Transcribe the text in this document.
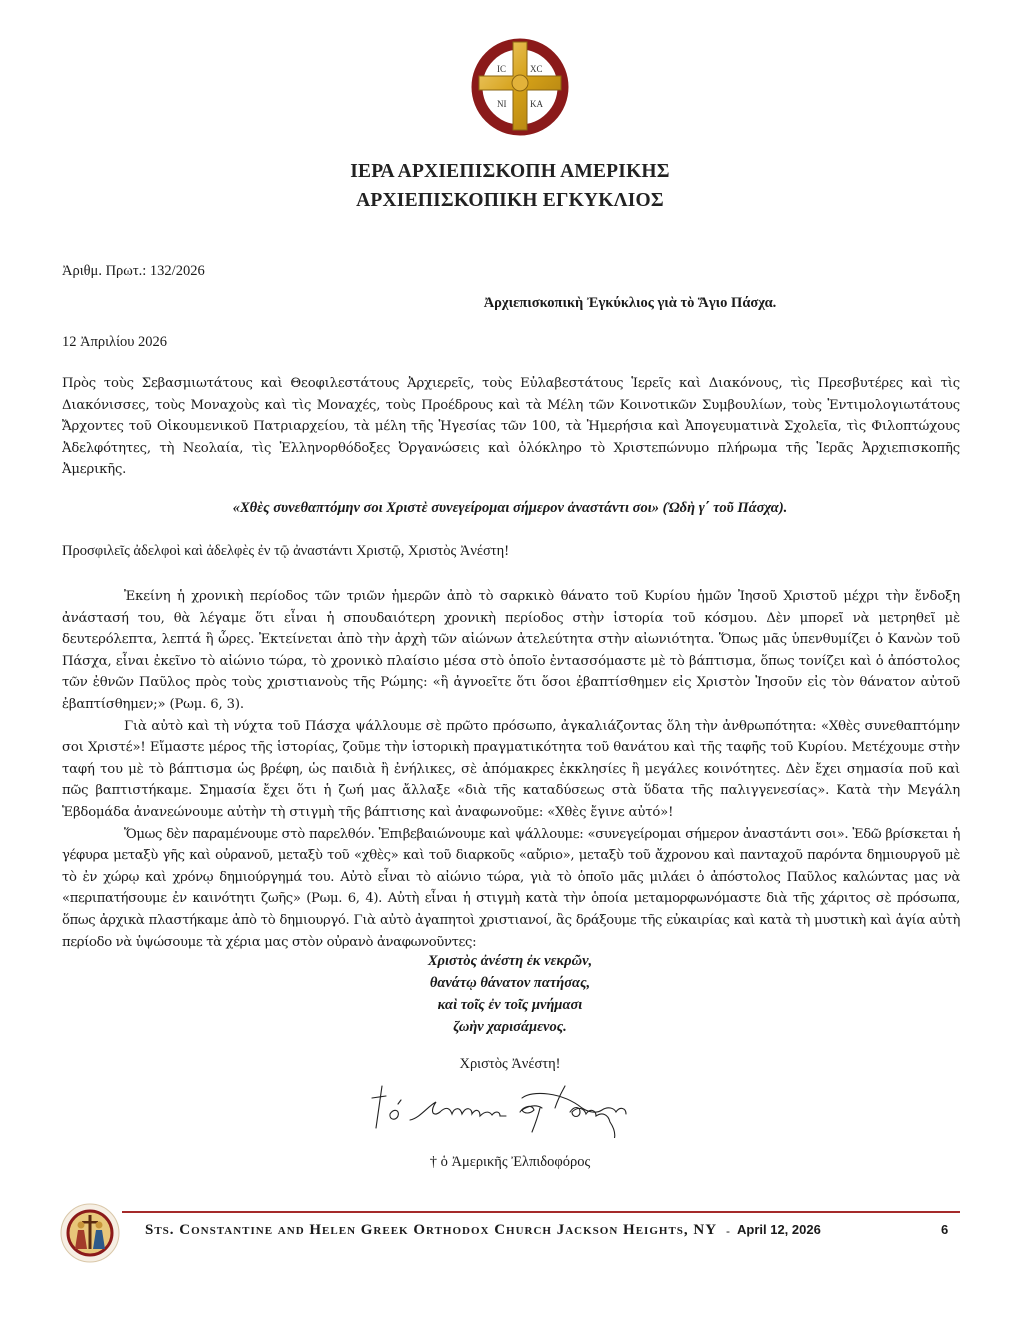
IC	XC
NI	KA
ΙΕΡΑ ΑΡΧΙΕΠΙΣΚΟΠΗ ΑΜΕΡΙΚΗΣ
ΑΡΧΙΕΠΙΣΚΟΠΙΚΗ ΕΓΚΥΚΛΙΟΣ
Ἀριθμ. Πρωτ.: 132/2026
Ἀρχιεπισκοπικὴ Ἐγκύκλιος γιὰ τὸ Ἅγιο Πάσχα.
12 Ἀπριλίου 2026
Πρὸς τοὺς Σεβασμιωτάτους καὶ Θεοφιλεστάτους Ἀρχιερεῖς, τοὺς Εὐλαβεστάτους Ἱερεῖς καὶ Διακόνους, τὶς Πρεσβυτέρες καὶ τὶς Διακόνισσες, τοὺς Μοναχοὺς καὶ τὶς Μοναχές, τοὺς Προέδρους καὶ τὰ Μέλη τῶν Κοινοτικῶν Συμβουλίων, τοὺς Ἐντιμολογιωτάτους Ἄρχοντες τοῦ Οἰκουμενικοῦ Πατριαρχείου, τὰ μέλη τῆς Ἡγεσίας τῶν 100, τὰ Ἡμερήσια καὶ Ἀπογευματινὰ Σχολεῖα, τὶς Φιλοπτώχους Ἀδελφότητες, τὴ Νεολαία, τὶς Ἑλληνορθόδοξες Ὀργανώσεις καὶ ὁλόκληρο τὸ Χριστεπώνυμο πλήρωμα τῆς Ἱερᾶς Ἀρχιεπισκοπῆς Ἀμερικῆς.
«Χθὲς συνεθαπτόμην σοι Χριστὲ συνεγείρομαι σήμερον ἀναστάντι σοι» (Ὠδὴ γ΄ τοῦ Πάσχα).
Προσφιλεῖς ἀδελφοὶ καὶ ἀδελφὲς ἐν τῷ ἀναστάντι Χριστῷ, Χριστὸς Ἀνέστη!

Ἐκείνη ἡ χρονικὴ περίοδος τῶν τριῶν ἡμερῶν ἀπὸ τὸ σαρκικὸ θάνατο τοῦ Κυρίου ἡμῶν Ἰησοῦ Χριστοῦ μέχρι τὴν ἔνδοξη ἀνάστασή του, θὰ λέγαμε ὅτι εἶναι ἡ σπουδαιότερη χρονικὴ περίοδος στὴν ἱστορία τοῦ κόσμου. Δὲν μπορεῖ νὰ μετρηθεῖ μὲ δευτερόλεπτα, λεπτά ἢ ὧρες. Ἐκτείνεται ἀπὸ τὴν ἀρχὴ τῶν αἰώνων ἀτελεύτητα στὴν αἰωνιότητα. Ὅπως μᾶς ὑπενθυμίζει ὁ Κανὼν τοῦ Πάσχα, εἶναι ἐκεῖνο τὸ αἰώνιο τώρα, τὸ χρονικὸ πλαίσιο μέσα στὸ ὁποῖο ἐντασσόμαστε μὲ τὸ βάπτισμα, ὅπως τονίζει καὶ ὁ ἀπόστολος τῶν ἐθνῶν Παῦλος πρὸς τοὺς χριστιανοὺς τῆς Ρώμης: «ἢ ἀγνοεῖτε ὅτι ὅσοι ἐβαπτίσθημεν εἰς Χριστὸν Ἰησοῦν εἰς τὸν θάνατον αὐτοῦ ἐβαπτίσθημεν;» (Ρωμ. 6, 3).

Γιὰ αὐτὸ καὶ τὴ νύχτα τοῦ Πάσχα ψάλλουμε σὲ πρῶτο πρόσωπο, ἀγκαλιάζοντας ὅλη τὴν ἀνθρωπότητα: «Χθὲς συνεθαπτόμην σοι Χριστέ»! Εἴμαστε μέρος τῆς ἱστορίας, ζοῦμε τὴν ἱστορικὴ πραγματικότητα τοῦ θανάτου καὶ τῆς ταφῆς τοῦ Κυρίου. Μετέχουμε στὴν ταφή του μὲ τὸ βάπτισμα ὡς βρέφη, ὡς παιδιὰ ἢ ἐνήλικες, σὲ ἀπόμακρες ἐκκλησίες ἢ μεγάλες κοινότητες. Δὲν ἔχει σημασία ποῦ καὶ πῶς βαπτιστήκαμε. Σημασία ἔχει ὅτι ἡ ζωή μας ἄλλαξε «διὰ τῆς καταδύσεως στὰ ὕδατα τῆς παλιγγενεσίας». Κατὰ τὴν Μεγάλη Ἑβδομάδα ἀνανεώνουμε αὐτὴν τὴ στιγμὴ τῆς βάπτισης καὶ ἀναφωνοῦμε: «Χθὲς ἔγινε αὐτό»!

Ὅμως δὲν παραμένουμε στὸ παρελθόν. Ἐπιβεβαιώνουμε καὶ ψάλλουμε: «συνεγείρομαι σήμερον ἀναστάντι σοι». Ἐδῶ βρίσκεται ἡ γέφυρα μεταξὺ γῆς καὶ οὐρανοῦ, μεταξὺ τοῦ «χθὲς» καὶ τοῦ διαρκοῦς «αὔριο», μεταξὺ τοῦ ἄχρονου καὶ πανταχοῦ παρόντα δημιουργοῦ μὲ τὸ ἐν χώρῳ καὶ χρόνῳ δημιούργημά του. Αὐτὸ εἶναι τὸ αἰώνιο τώρα, γιὰ τὸ ὁποῖο μᾶς μιλάει ὁ ἀπόστολος Παῦλος καλώντας μας νὰ «περιπατήσουμε ἐν καινότητι ζωῆς» (Ρωμ. 6, 4). Αὐτὴ εἶναι ἡ στιγμὴ κατὰ τὴν ὁποία μεταμορφωνόμαστε διὰ τῆς χάριτος σὲ πρόσωπα, ὅπως ἀρχικὰ πλαστήκαμε ἀπὸ τὸ δημιουργό. Γιὰ αὐτὸ ἀγαπητοὶ χριστιανοί, ἂς δράξουμε τῆς εὐκαιρίας καὶ κατὰ τὴ μυστικὴ καὶ ἁγία αὐτὴ περίοδο νὰ ὑψώσουμε τὰ χέρια μας στὸν οὐρανὸ ἀναφωνοῦντες:

Χριστὸς ἀνέστη ἐκ νεκρῶν,
θανάτῳ θάνατον πατήσας,
καὶ τοῖς ἐν τοῖς μνήμασι
ζωὴν χαρισάμενος.
Χριστὸς Ἀνέστη!
† ὁ Ἀμερικῆς Ἐλπιδοφόρος
Sts. Constantine and Helen Greek Orthodox Church Jackson Heights, NY - April 12, 2026	6
